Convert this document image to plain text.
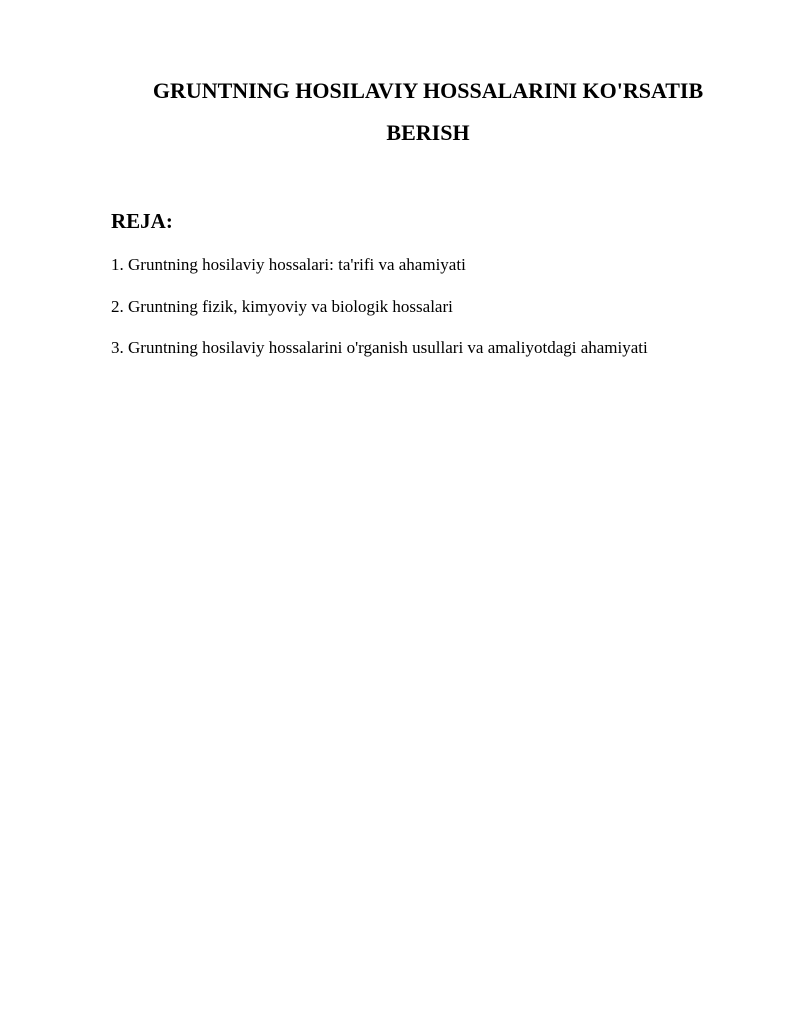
GRUNTNING HOSILAVIY HOSSALARINI KO'RSATIB BERISH
REJA:
1. Gruntning hosilaviy hossalari: ta'rifi va ahamiyati
2. Gruntning fizik, kimyoviy va biologik hossalari
3. Gruntning hosilaviy hossalarini o'rganish usullari va amaliyotdagi ahamiyati
